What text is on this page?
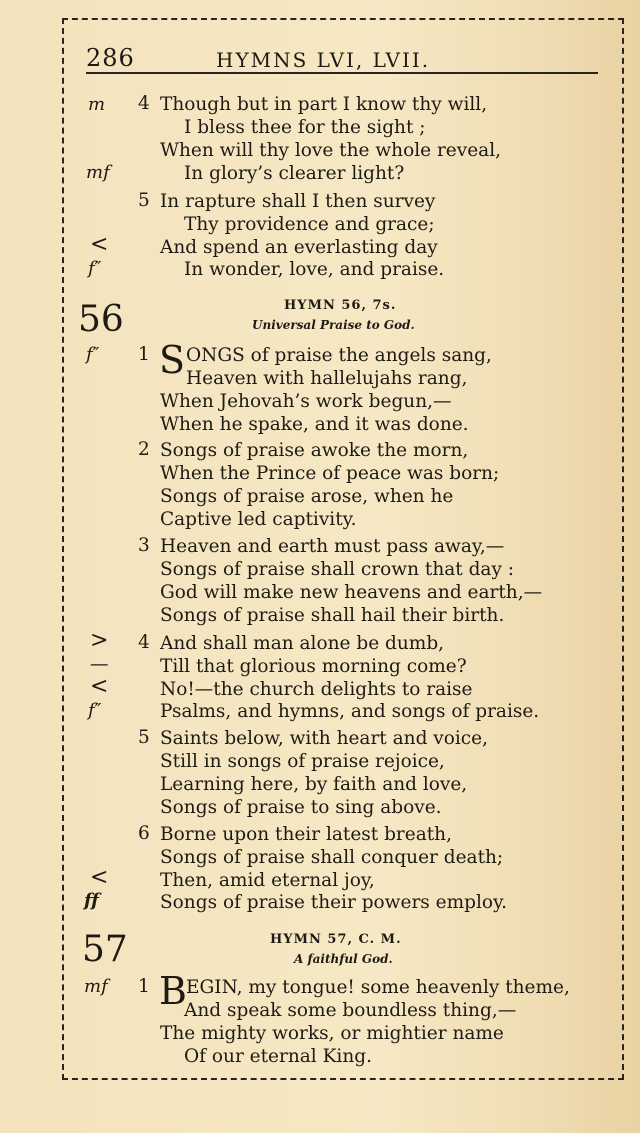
286	HYMNS LVI, LVII.
m 4 Though but in part I know thy will,
I bless thee for the sight ;
When will thy love the whole reveal,
mf	In glory’s clearer light?
5 In rapture shall I then survey
Thy providence and grace;
<	And spend an everlasting day
f″	In wonder, love, and praise.
56	HYMN 56, 7s.
Universal Praise to God.
f″ 1 S ONGS of praise the angels sang,
Heaven with hallelujahs rang,
When Jehovah’s work begun,—
When he spake, and it was done.
2 Songs of praise awoke the morn,
When the Prince of peace was born;
Songs of praise arose, when he
Captive led captivity.
3 Heaven and earth must pass away,—
Songs of praise shall crown that day :
God will make new heavens and earth,—
Songs of praise shall hail their birth.
> 4 And shall man alone be dumb,
—	Till that glorious morning come?
<	No!—the church delights to raise
f″	Psalms, and hymns, and songs of praise.
5 Saints below, with heart and voice,
Still in songs of praise rejoice,
Learning here, by faith and love,
Songs of praise to sing above.
6 Borne upon their latest breath,
Songs of praise shall conquer death;
<	Then, amid eternal joy,
ff	Songs of praise their powers employ.
57	HYMN 57, C. M.
A faithful God.
mf 1 B EGIN, my tongue! some heavenly theme,
And speak some boundless thing,—
The mighty works, or mightier name
Of our eternal King.
